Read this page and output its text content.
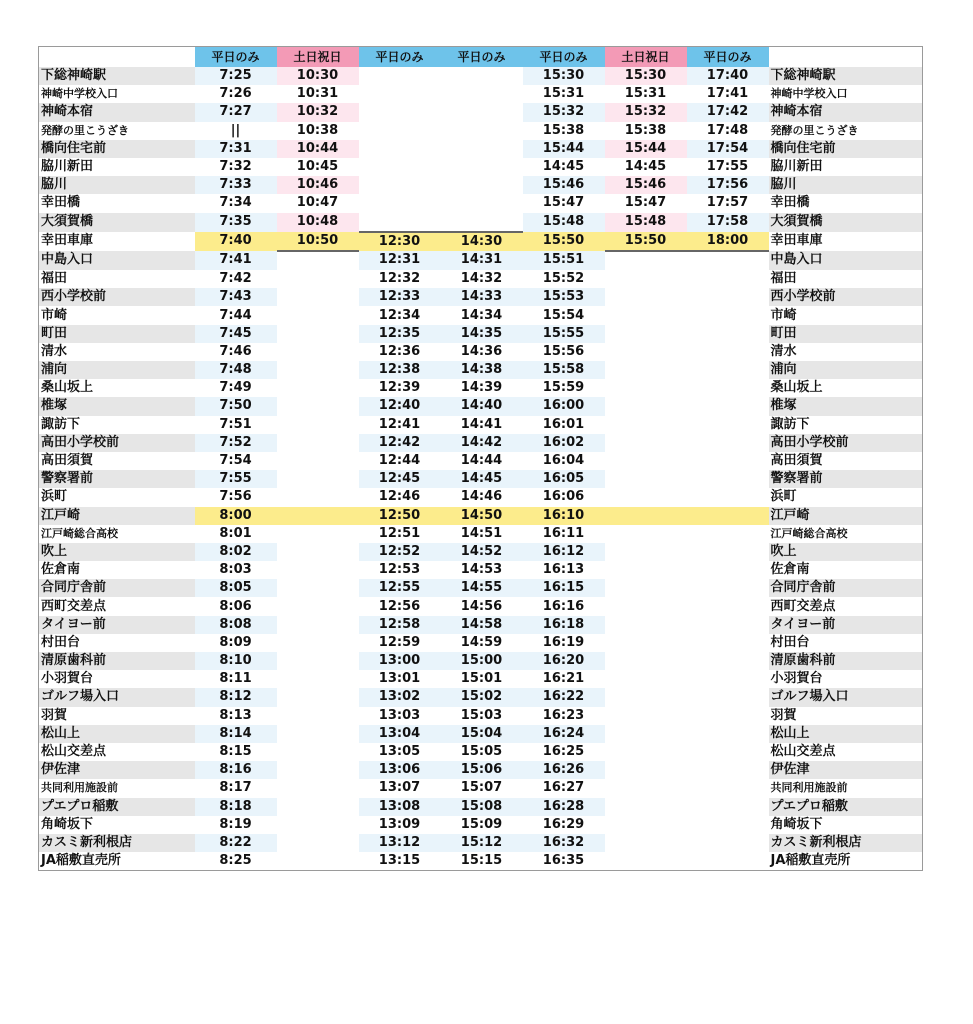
	平日のみ	土日祝日	平日のみ	平日のみ	平日のみ	土日祝日	平日のみ	
下総神崎駅	7:25	10:30			15:30	15:30	17:40	下総神崎駅
神崎中学校入口	7:26	10:31			15:31	15:31	17:41	神崎中学校入口
神崎本宿	7:27	10:32			15:32	15:32	17:42	神崎本宿
発酵の里こうざき	||	10:38			15:38	15:38	17:48	発酵の里こうざき
橋向住宅前	7:31	10:44			15:44	15:44	17:54	橋向住宅前
脇川新田	7:32	10:45			14:45	14:45	17:55	脇川新田
脇川	7:33	10:46			15:46	15:46	17:56	脇川
幸田橋	7:34	10:47			15:47	15:47	17:57	幸田橋
大須賀橋	7:35	10:48			15:48	15:48	17:58	大須賀橋
幸田車庫	7:40	10:50	12:30	14:30	15:50	15:50	18:00	幸田車庫
中島入口	7:41		12:31	14:31	15:51			中島入口
福田	7:42		12:32	14:32	15:52			福田
西小学校前	7:43		12:33	14:33	15:53			西小学校前
市崎	7:44		12:34	14:34	15:54			市崎
町田	7:45		12:35	14:35	15:55			町田
清水	7:46		12:36	14:36	15:56			清水
浦向	7:48		12:38	14:38	15:58			浦向
桑山坂上	7:49		12:39	14:39	15:59			桑山坂上
椎塚	7:50		12:40	14:40	16:00			椎塚
諏訪下	7:51		12:41	14:41	16:01			諏訪下
高田小学校前	7:52		12:42	14:42	16:02			高田小学校前
高田須賀	7:54		12:44	14:44	16:04			高田須賀
警察署前	7:55		12:45	14:45	16:05			警察署前
浜町	7:56		12:46	14:46	16:06			浜町
江戸崎	8:00		12:50	14:50	16:10			江戸崎
江戸崎総合高校	8:01		12:51	14:51	16:11			江戸崎総合高校
吹上	8:02		12:52	14:52	16:12			吹上
佐倉南	8:03		12:53	14:53	16:13			佐倉南
合同庁舎前	8:05		12:55	14:55	16:15			合同庁舎前
西町交差点	8:06		12:56	14:56	16:16			西町交差点
タイヨー前	8:08		12:58	14:58	16:18			タイヨー前
村田台	8:09		12:59	14:59	16:19			村田台
清原歯科前	8:10		13:00	15:00	16:20			清原歯科前
小羽賀台	8:11		13:01	15:01	16:21			小羽賀台
ゴルフ場入口	8:12		13:02	15:02	16:22			ゴルフ場入口
羽賀	8:13		13:03	15:03	16:23			羽賀
松山上	8:14		13:04	15:04	16:24			松山上
松山交差点	8:15		13:05	15:05	16:25			松山交差点
伊佐津	8:16		13:06	15:06	16:26			伊佐津
共同利用施設前	8:17		13:07	15:07	16:27			共同利用施設前
プエプロ稲敷	8:18		13:08	15:08	16:28			プエプロ稲敷
角崎坂下	8:19		13:09	15:09	16:29			角崎坂下
カスミ新利根店	8:22		13:12	15:12	16:32			カスミ新利根店
JA稲敷直売所	8:25		13:15	15:15	16:35			JA稲敷直売所
